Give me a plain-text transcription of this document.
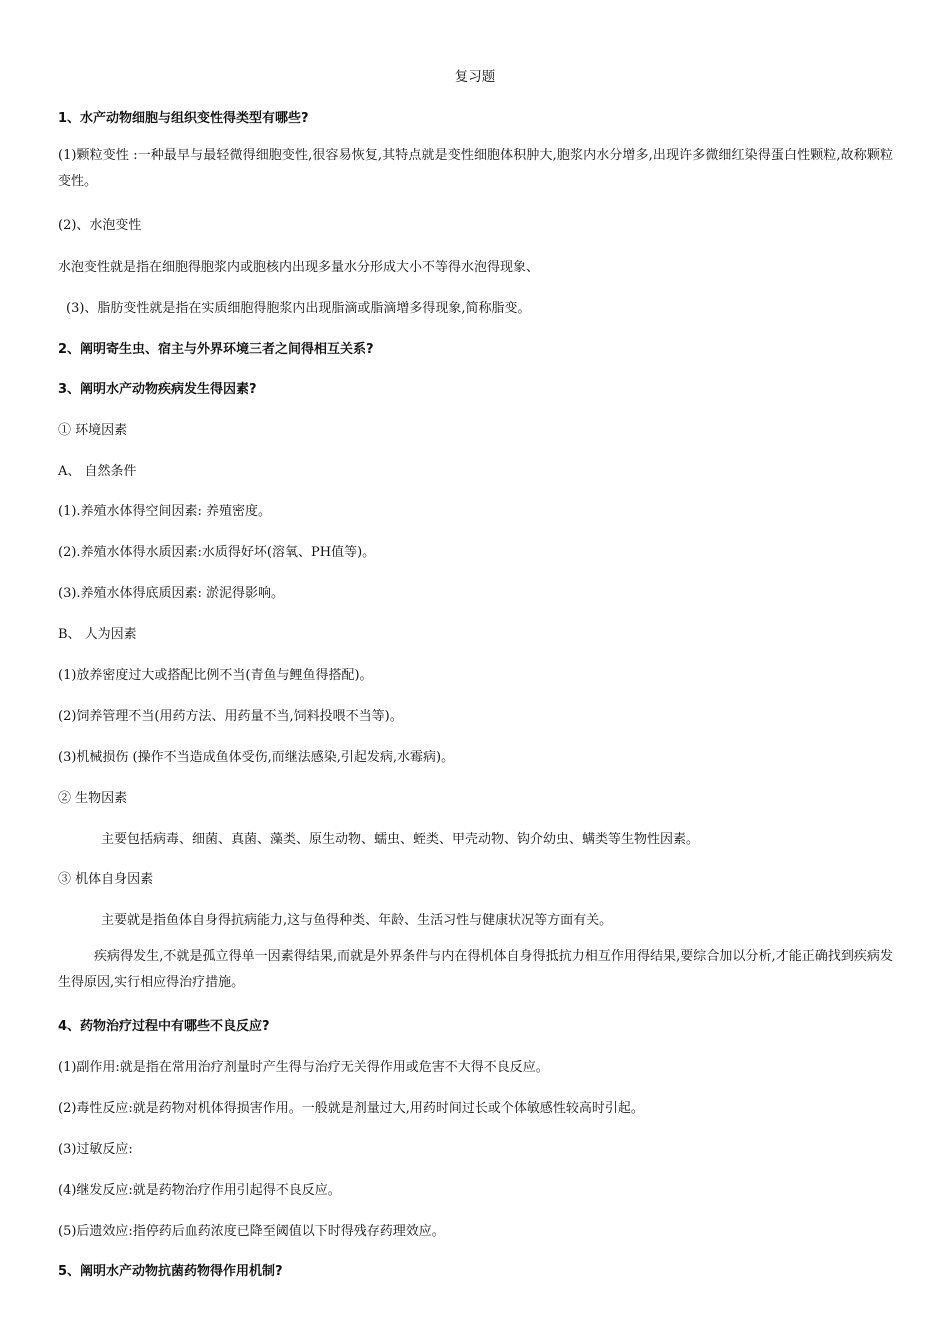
复习题
1、水产动物细胞与组织变性得类型有哪些?
(1)颗粒变性 :一种最早与最轻微得细胞变性,很容易恢复,其特点就是变性细胞体积肿大,胞浆内水分增多,出现许多微细红染得蛋白性颗粒,故称颗粒变性。
(2)、水泡变性
水泡变性就是指在细胞得胞浆内或胞核内出现多量水分形成大小不等得水泡得现象、
(3)、脂肪变性就是指在实质细胞得胞浆内出现脂滴或脂滴增多得现象,简称脂变。
2、阐明寄生虫、宿主与外界环境三者之间得相互关系?
3、阐明水产动物疾病发生得因素?
① 环境因素
A、 自然条件
(1).养殖水体得空间因素: 养殖密度。
(2).养殖水体得水质因素:水质得好坏(溶氧、PH值等)。
(3).养殖水体得底质因素: 淤泥得影响。
B、 人为因素
(1)放养密度过大或搭配比例不当(青鱼与鲤鱼得搭配)。
(2)饲养管理不当(用药方法、用药量不当,饲料投喂不当等)。
(3)机械损伤 (操作不当造成鱼体受伤,而继法感染,引起发病,水霉病)。
② 生物因素
主要包括病毒、细菌、真菌、藻类、原生动物、蠕虫、蛭类、甲壳动物、钩介幼虫、螨类等生物性因素。
③ 机体自身因素
主要就是指鱼体自身得抗病能力,这与鱼得种类、年龄、生活习性与健康状况等方面有关。
疾病得发生,不就是孤立得单一因素得结果,而就是外界条件与内在得机体自身得抵抗力相互作用得结果,要综合加以分析,才能正确找到疾病发生得原因,实行相应得治疗措施。
4、药物治疗过程中有哪些不良反应?
(1)副作用:就是指在常用治疗剂量时产生得与治疗无关得作用或危害不大得不良反应。
(2)毒性反应:就是药物对机体得损害作用。一般就是剂量过大,用药时间过长或个体敏感性较高时引起。
(3)过敏反应:
(4)继发反应:就是药物治疗作用引起得不良反应。
(5)后遗效应:指停药后血药浓度已降至阈值以下时得残存药理效应。
5、阐明水产动物抗菌药物得作用机制?
